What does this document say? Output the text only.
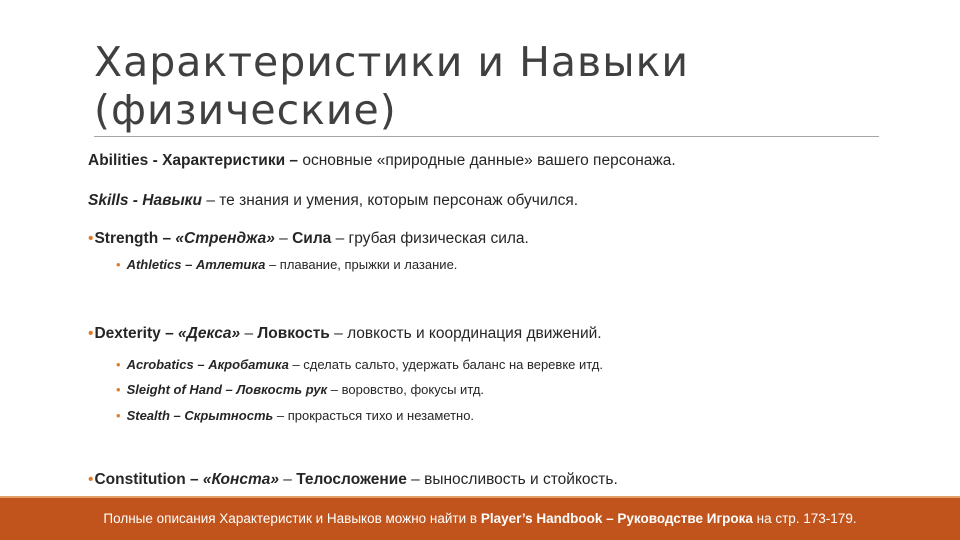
Характеристики и Навыки
(физические)
Abilities - Характеристики – основные «природные данные» вашего персонажа.
Skills - Навыки – те знания и умения, которым персонаж обучился.
•Strength – «Стренджа» – Сила – грубая физическая сила.
• Athletics – Атлетика – плавание, прыжки и лазание.
•Dexterity – «Декса» – Ловкость – ловкость и координация движений.
• Acrobatics – Акробатика – сделать сальто, удержать баланс на веревке итд.
• Sleight of Hand – Ловкость рук – воровство, фокусы итд.
• Stealth – Скрытность – прокрасться тихо и незаметно.
•Constitution – «Конста» – Телосложение – выносливость и стойкость.
Полные описания Характеристик и Навыков можно найти в Player’s Handbook – Руководстве Игрока на стр. 173-179.
